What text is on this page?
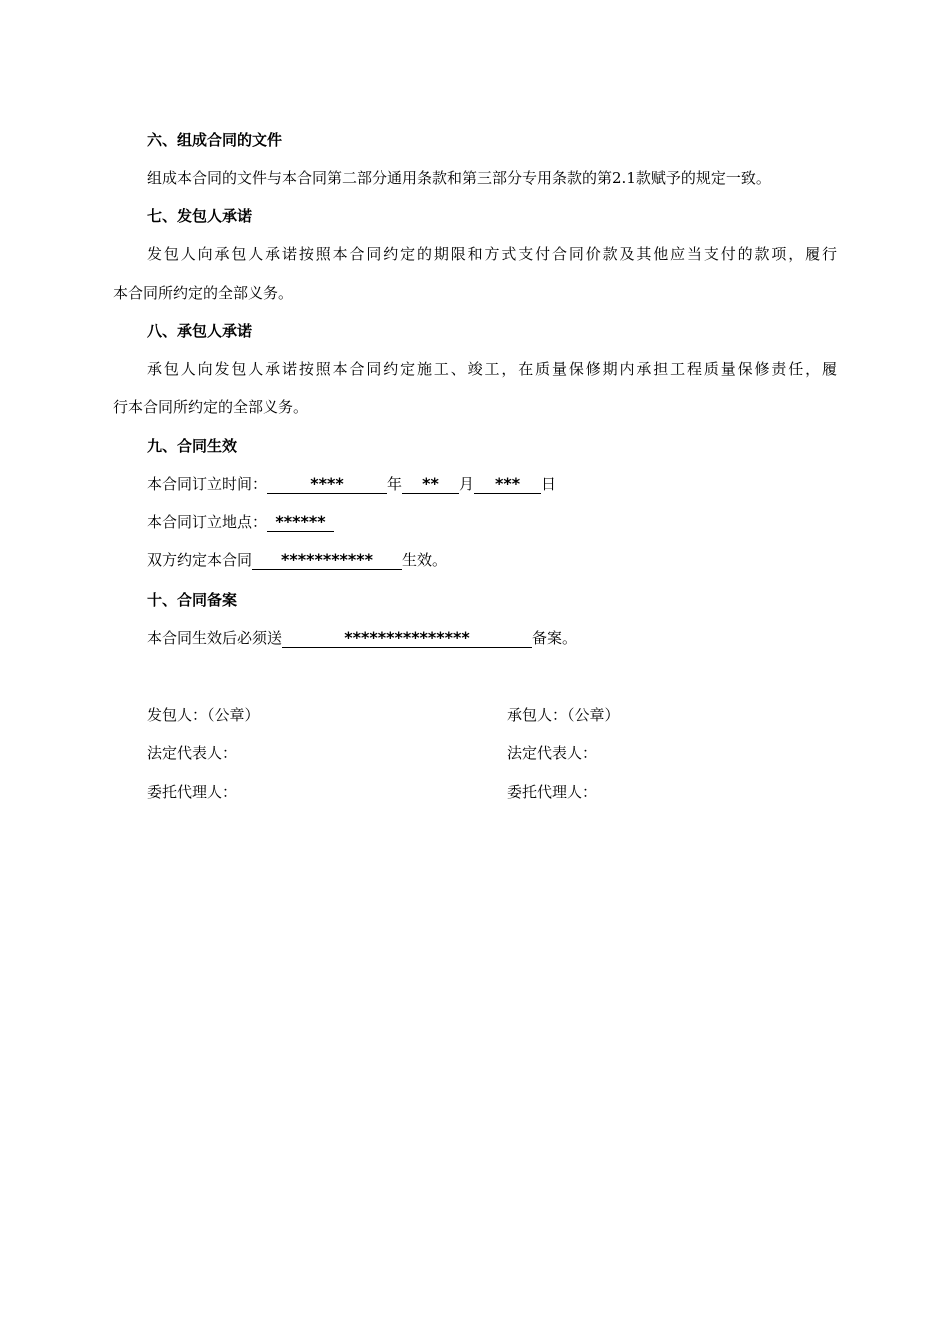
六、组成合同的文件
组成本合同的文件与本合同第二部分通用条款和第三部分专用条款的第2.1款赋予的规定一致。
七、发包人承诺
发包人向承包人承诺按照本合同约定的期限和方式支付合同价款及其他应当支付的款项，履行
本合同所约定的全部义务。
八、承包人承诺
承包人向发包人承诺按照本合同约定施工、竣工，在质量保修期内承担工程质量保修责任，履
行本合同所约定的全部义务。
九、合同生效
本合同订立时间：	****	年 ** 月 *** 日
本合同订立地点： ******
双方约定本合同 *********** 生效。
十、合同备案
本合同生效后必须送	***************	备案。
发包人：（公章）
法定代表人：
委托代理人：
承包人：（公章）
法定代表人：
委托代理人：
